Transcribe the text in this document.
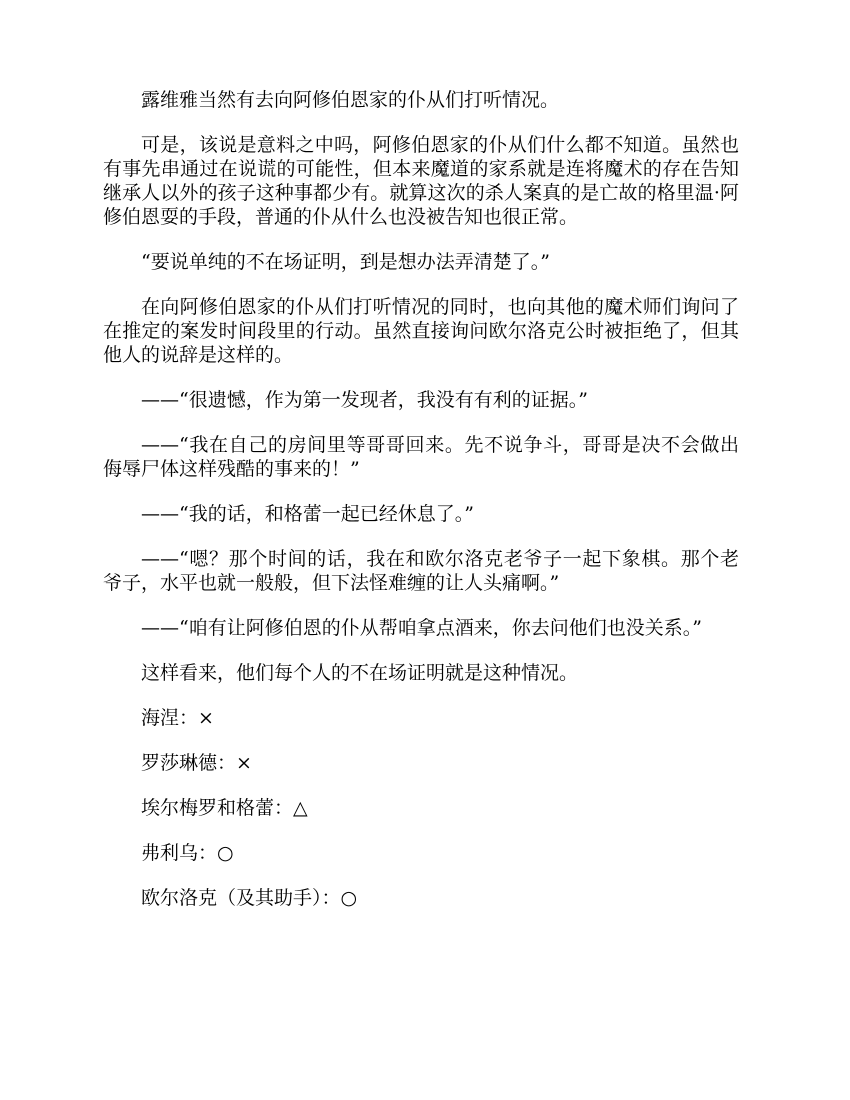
露维雅当然有去向阿修伯恩家的仆从们打听情况。

可是，该说是意料之中吗，阿修伯恩家的仆从们什么都不知道。虽然也有事先串通过在说谎的可能性，但本来魔道的家系就是连将魔术的存在告知继承人以外的孩子这种事都少有。就算这次的杀人案真的是亡故的格里温·阿修伯恩耍的手段，普通的仆从什么也没被告知也很正常。

“要说单纯的不在场证明，到是想办法弄清楚了。”

在向阿修伯恩家的仆从们打听情况的同时，也向其他的魔术师们询问了在推定的案发时间段里的行动。虽然直接询问欧尔洛克公时被拒绝了，但其他人的说辞是这样的。

——“很遗憾，作为第一发现者，我没有有利的证据。”

——“我在自己的房间里等哥哥回来。先不说争斗，哥哥是决不会做出侮辱尸体这样残酷的事来的！”

——“我的话，和格蕾一起已经休息了。”

——“嗯？那个时间的话，我在和欧尔洛克老爷子一起下象棋。那个老爷子，水平也就一般般，但下法怪难缠的让人头痛啊。”

——“咱有让阿修伯恩的仆从帮咱拿点酒来，你去问他们也没关系。”

这样看来，他们每个人的不在场证明就是这种情况。

海涅：×

罗莎琳德：×

埃尔梅罗和格蕾：△

弗利乌：○

欧尔洛克（及其助手）：○
